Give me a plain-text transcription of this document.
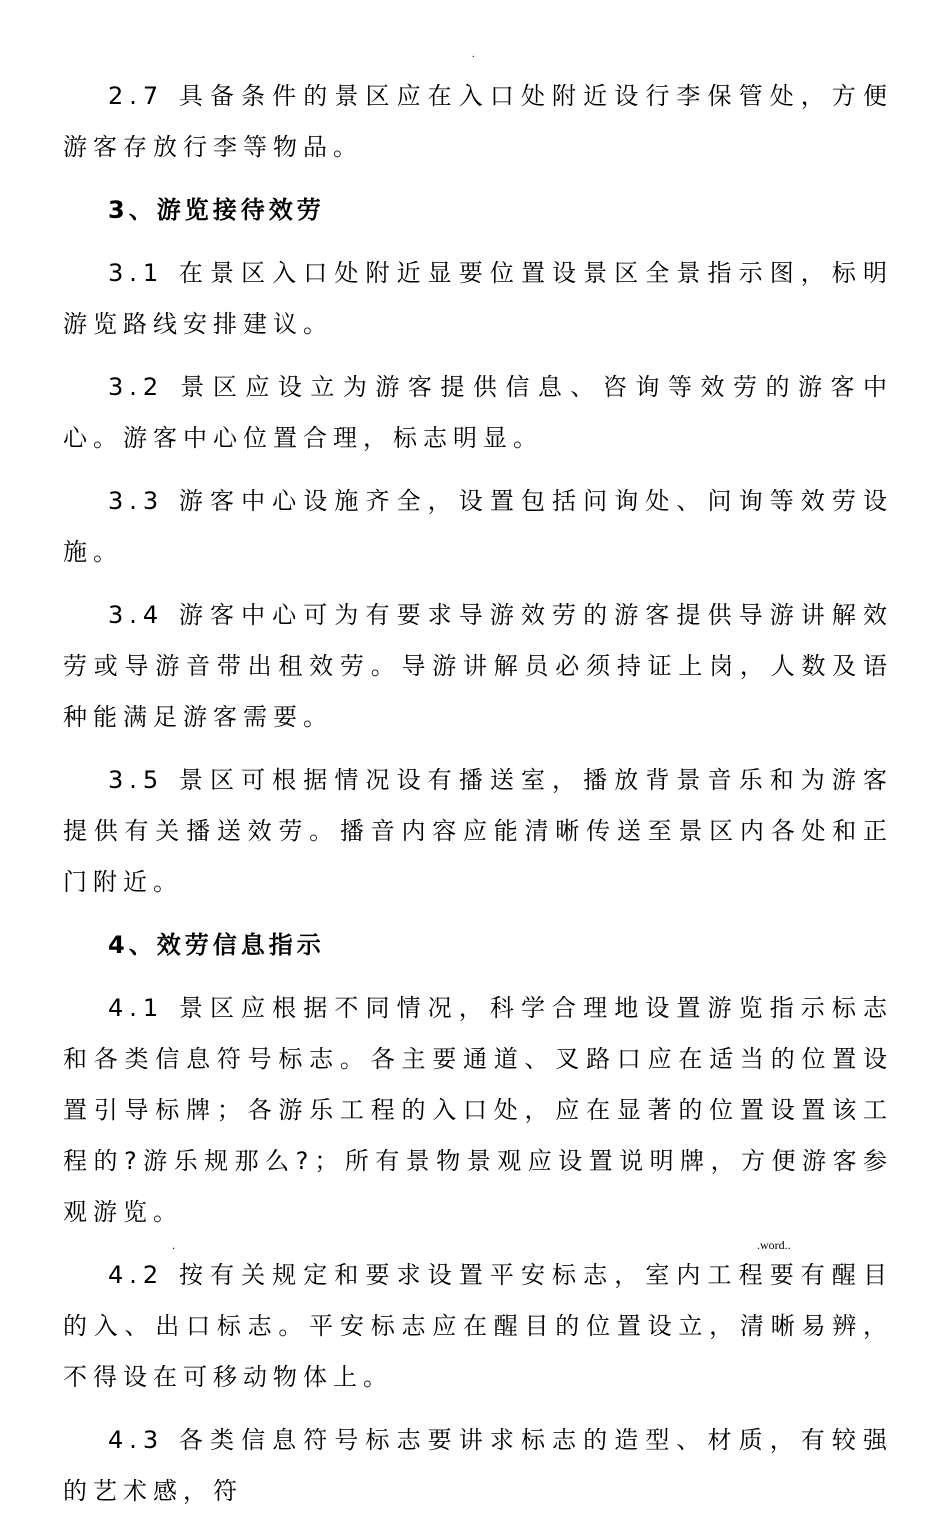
.

2.7 具备条件的景区应在入口处附近设行李保管处，方便游客存放行李等物品。

3、游览接待效劳

3.1 在景区入口处附近显要位置设景区全景指示图，标明游览路线安排建议。

3.2 景区应设立为游客提供信息、咨询等效劳的游客中心。游客中心位置合理，标志明显。

3.3 游客中心设施齐全，设置包括问询处、问询等效劳设施。

3.4 游客中心可为有要求导游效劳的游客提供导游讲解效劳或导游音带出租效劳。导游讲解员必须持证上岗，人数及语种能满足游客需要。

3.5 景区可根据情况设有播送室，播放背景音乐和为游客提供有关播送效劳。播音内容应能清晰传送至景区内各处和正门附近。

4、效劳信息指示

4.1 景区应根据不同情况，科学合理地设置游览指示标志和各类信息符号标志。各主要通道、叉路口应在适当的位置设置引导标牌；各游乐工程的入口处，应在显著的位置设置该工程的?游乐规那么?；所有景物景观应设置说明牌，方便游客参观游览。

4.2 按有关规定和要求设置平安标志，室内工程要有醒目的入、出口标志。平安标志应在醒目的位置设立，清晰易辨，不得设在可移动物体上。

4.3 各类信息符号标志要讲求标志的造型、材质，有较强的艺术感，符

.	.word..
